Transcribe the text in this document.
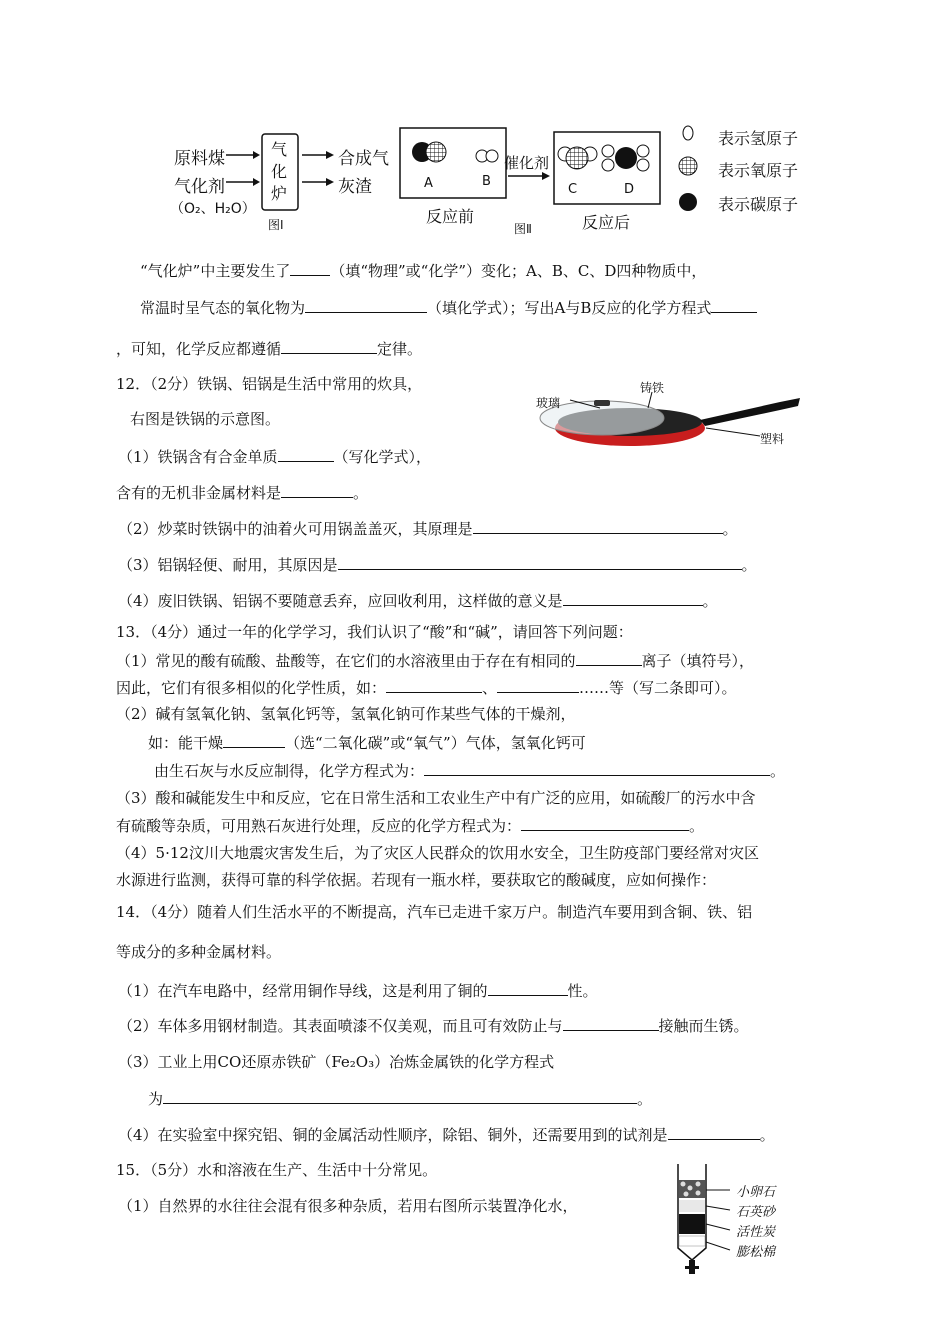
原料煤
气化剂
（O₂、H₂O）
气
化
炉
合成气
灰渣
图Ⅰ
A	B
C	D
催化剂
反应前	反应后
图Ⅱ
表示氢原子
表示氧原子
表示碳原子
“气化炉”中主要发生了	（填“物理”或“化学”）变化；A、B、C、D四种物质中，
常温时呈气态的氧化物为	（填化学式）；写出A与B反应的化学方程式
，可知，化学反应都遵循	定律。
12．（2分）铁锅、铝锅是生活中常用的炊具，
右图是铁锅的示意图。
玻璃
铸铁
塑料
（1）铁锅含有合金单质	（写化学式），
含有的无机非金属材料是	。
（2）炒菜时铁锅中的油着火可用锅盖盖灭，其原理是	。
（3）铝锅轻便、耐用，其原因是	。
（4）废旧铁锅、铝锅不要随意丢弃，应回收利用，这样做的意义是	。
13．（4分）通过一年的化学学习，我们认识了“酸”和“碱”，请回答下列问题：
（1）常见的酸有硫酸、盐酸等，在它们的水溶液里由于存在有相同的	离子（填符号），
因此，它们有很多相似的化学性质，如：	、	……等（写二条即可）。
（2）碱有氢氧化钠、氢氧化钙等，氢氧化钠可作某些气体的干燥剂，
如：能干燥	（选“二氧化碳”或“氧气”）气体，氢氧化钙可
由生石灰与水反应制得，化学方程式为：	。
（3）酸和碱能发生中和反应，它在日常生活和工农业生产中有广泛的应用，如硫酸厂的污水中含
有硫酸等杂质，可用熟石灰进行处理，反应的化学方程式为：	。
（4）5·12汶川大地震灾害发生后，为了灾区人民群众的饮用水安全，卫生防疫部门要经常对灾区
水源进行监测，获得可靠的科学依据。若现有一瓶水样，要获取它的酸碱度，应如何操作：
14．（4分）随着人们生活水平的不断提高，汽车已走进千家万户。制造汽车要用到含铜、铁、铝
等成分的多种金属材料。
（1）在汽车电路中，经常用铜作导线，这是利用了铜的	性。
（2）车体多用钢材制造。其表面喷漆不仅美观，而且可有效防止与	接触而生锈。
（3）工业上用CO还原赤铁矿（Fe₂O₃）冶炼金属铁的化学方程式
为	。
（4）在实验室中探究铝、铜的金属活动性顺序，除铝、铜外，还需要用到的试剂是	。
15．（5分）水和溶液在生产、生活中十分常见。
（1）自然界的水往往会混有很多种杂质，若用右图所示装置净化水，
小卵石
石英砂
活性炭
膨松棉
